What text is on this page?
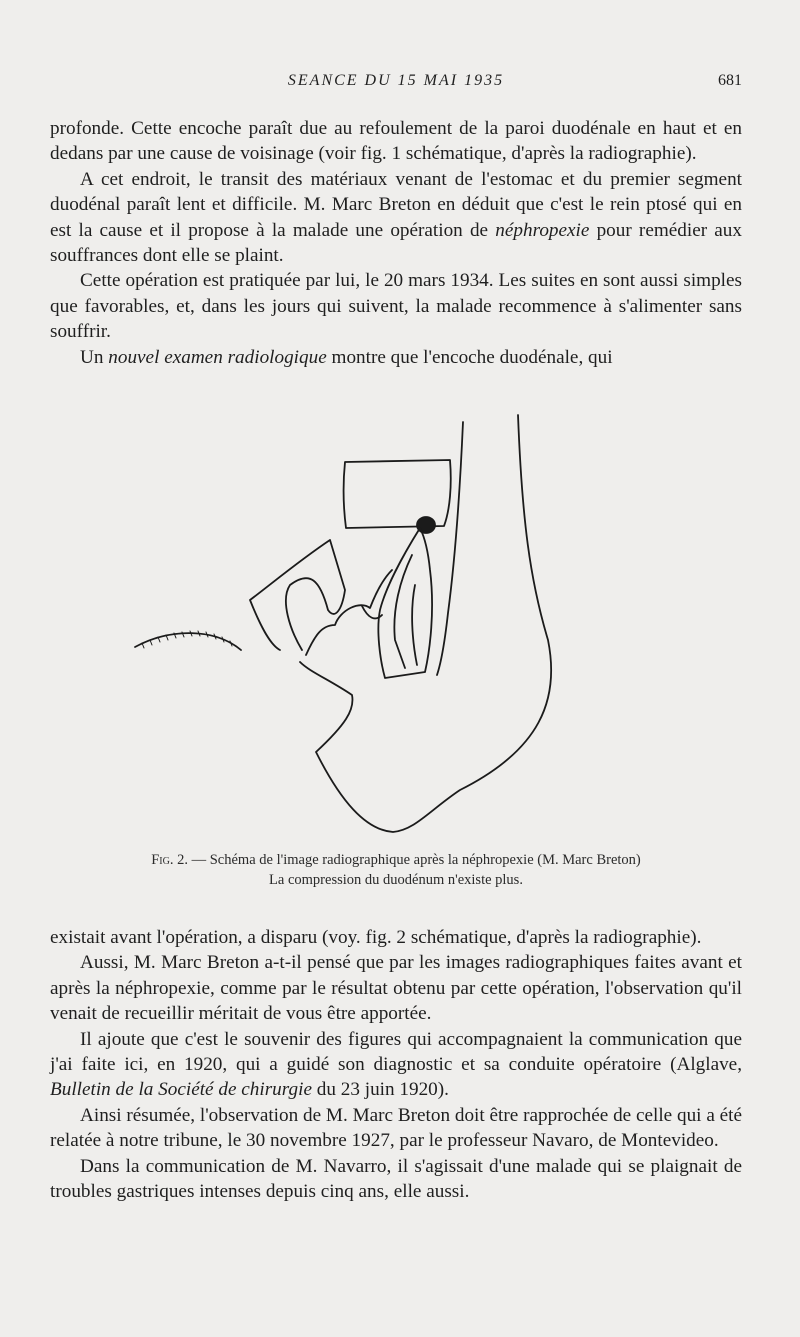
SEANCE DU 15 MAI 1935	681

profonde. Cette encoche paraît due au refoulement de la paroi duodénale en haut et en dedans par une cause de voisinage (voir fig. 1 schématique, d'après la radiographie).

A cet endroit, le transit des matériaux venant de l'estomac et du premier segment duodénal paraît lent et difficile. M. Marc Breton en déduit que c'est le rein ptosé qui en est la cause et il propose à la malade une opération de néphropexie pour remédier aux souffrances dont elle se plaint.

Cette opération est pratiquée par lui, le 20 mars 1934. Les suites en sont aussi simples que favorables, et, dans les jours qui suivent, la malade recommence à s'alimenter sans souffrir.

Un nouvel examen radiologique montre que l'encoche duodénale, qui

Fig. 2. — Schéma de l'image radiographique après la néphropexie (M. Marc Breton)
La compression du duodénum n'existe plus.

existait avant l'opération, a disparu (voy. fig. 2 schématique, d'après la radiographie).

Aussi, M. Marc Breton a-t-il pensé que par les images radiographiques faites avant et après la néphropexie, comme par le résultat obtenu par cette opération, l'observation qu'il venait de recueillir méritait de vous être apportée.

Il ajoute que c'est le souvenir des figures qui accompagnaient la communication que j'ai faite ici, en 1920, qui a guidé son diagnostic et sa conduite opératoire (Alglave, Bulletin de la Société de chirurgie du 23 juin 1920).

Ainsi résumée, l'observation de M. Marc Breton doit être rapprochée de celle qui a été relatée à notre tribune, le 30 novembre 1927, par le professeur Navaro, de Montevideo.

Dans la communication de M. Navarro, il s'agissait d'une malade qui se plaignait de troubles gastriques intenses depuis cinq ans, elle aussi.
